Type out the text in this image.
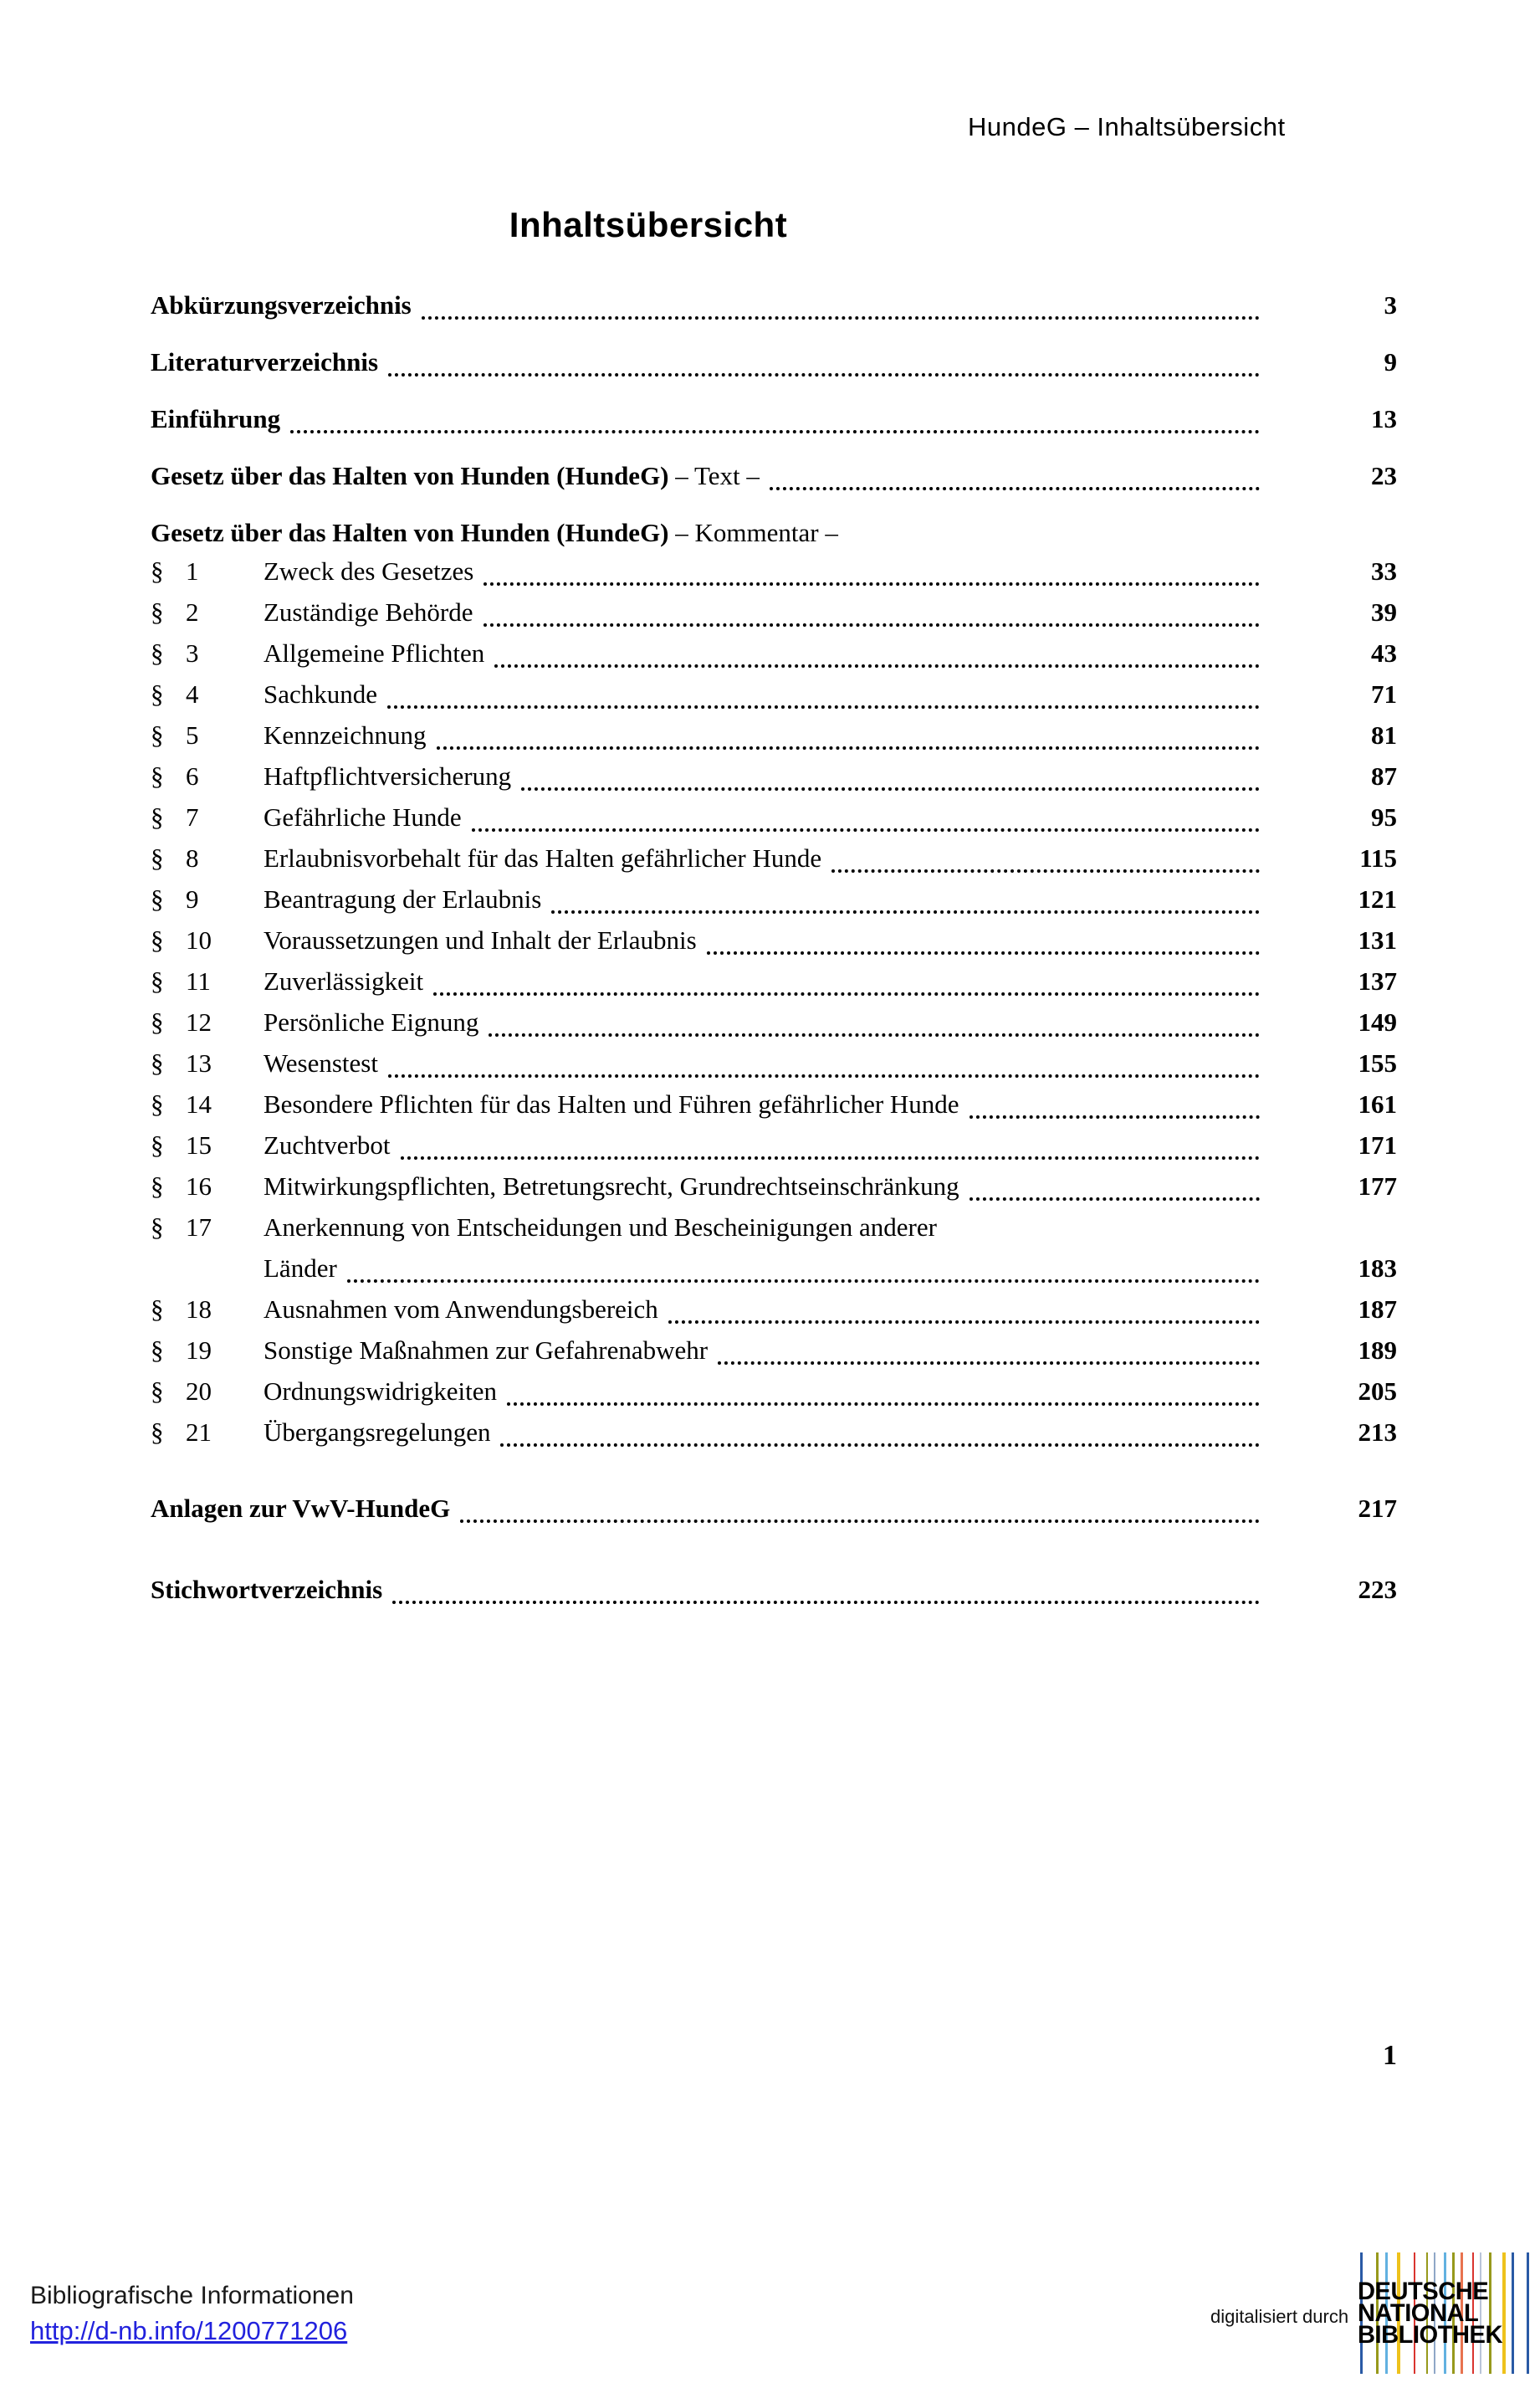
HundeG – Inhaltsübersicht
Inhaltsübersicht
Abkürzungsverzeichnis	3
Literaturverzeichnis	9
Einführung	13
Gesetz über das Halten von Hunden (HundeG) – Text –	23
Gesetz über das Halten von Hunden (HundeG) – Kommentar –
§ 1	Zweck des Gesetzes	33
§ 2	Zuständige Behörde	39
§ 3	Allgemeine Pflichten	43
§ 4	Sachkunde	71
§ 5	Kennzeichnung	81
§ 6	Haftpflichtversicherung	87
§ 7	Gefährliche Hunde	95
§ 8	Erlaubnisvorbehalt für das Halten gefährlicher Hunde	115
§ 9	Beantragung der Erlaubnis	121
§ 10 Voraussetzungen und Inhalt der Erlaubnis	131
§ 11 Zuverlässigkeit	137
§ 12 Persönliche Eignung	149
§ 13 Wesenstest	155
§ 14 Besondere Pflichten für das Halten und Führen gefährlicher Hunde	161
§ 15 Zuchtverbot	171
§ 16 Mitwirkungspflichten, Betretungsrecht, Grundrechtseinschränkung	177
§ 17 Anerkennung von Entscheidungen und Bescheinigungen anderer
Länder	183
§ 18 Ausnahmen vom Anwendungsbereich	187
§ 19 Sonstige Maßnahmen zur Gefahrenabwehr	189
§ 20 Ordnungswidrigkeiten	205
§ 21 Übergangsregelungen	213
Anlagen zur VwV-HundeG	217
Stichwortverzeichnis	223
1
Bibliografische Informationen
http://d-nb.info/1200771206	digitalisiert durch
DEUTSCHE
NATIONAL
BIBLIOTHEK
